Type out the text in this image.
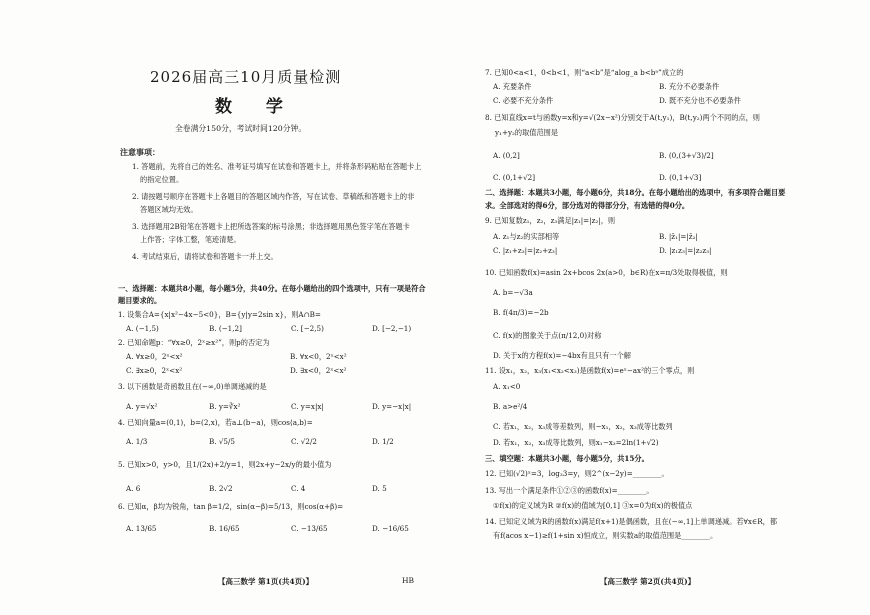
2026届高三10月质量检测
数 学
全卷满分150分，考试时间120分钟。
注意事项：
1. 答题前，先将自己的姓名、准考证号填写在试卷和答题卡上，并将条形码粘贴在答题卡上
的指定位置。
2. 请按题号顺序在答题卡上各题目的答题区域内作答，写在试卷、草稿纸和答题卡上的非
答题区域均无效。
3. 选择题用2B铅笔在答题卡上把所选答案的标号涂黑；非选择题用黑色签字笔在答题卡
上作答；字体工整，笔迹清楚。
4. 考试结束后，请将试卷和答题卡一并上交。
一、选择题：本题共8小题，每小题5分，共40分。在每小题给出的四个选项中，只有一项是符合
题目要求的。
1. 设集合A={x|x²−4x−5<0}，B={y|y=2sin x}，则A∩B=
A. (−1,5)	B. (−1,2]	C. [−2,5)	D. [−2,−1)
2. 已知命题p：“∀x≥0，2ˣ≥x²”，则p的否定为
A. ∀x≥0，2ˣ<x²	B. ∀x<0，2ˣ<x²
C. ∃x≥0，2ˣ<x²	D. ∃x<0，2ˣ<x²
3. 以下函数是奇函数且在(−∞,0)单调递减的是
A. y=√x²	B. y=∛x²	C. y=x|x|	D. y=−x|x|
4. 已知向量a=(0,1)，b=(2,x)，若a⊥(b−a)，则cos⟨a,b⟩=
A. 1/3	B. √5/5	C. √2/2	D. 1/2
5. 已知x>0，y>0，且1/(2x)+2/y=1，则2x+y−2x/y的最小值为
A. 6	B. 2√2	C. 4	D. 5
6. 已知α，β均为锐角，tan β=1/2，sin(α−β)=5/13，则cos(α+β)=
A. 13/65	B. 16/65	C. −13/65	D. −16/65
【高三数学 第1页(共4页)】	HB
7. 已知0<a<1，0<b<1，则“a<b”是“alog_a b<bᵃ”成立的
A. 充要条件	B. 充分不必要条件
C. 必要不充分条件	D. 既不充分也不必要条件
8. 已知直线x=t与函数y=x和y=√(2x−x²)分别交于A(t,y₁)，B(t,y₂)两个不同的点，则
y₁+y₂的取值范围是
A. (0,2]	B. (0,(3+√3)/2]
C. (0,1+√2]	D. (0,1+√3]
二、选择题：本题共3小题，每小题6分，共18分。在每小题给出的选项中，有多项符合题目要
求。全部选对的得6分，部分选对的得部分分，有选错的得0分。
9. 已知复数z₁，z₂，z₃满足|z₁|=|z₂|，则
A. z₁与z₂的实部相等	B. |z̄₁|=|z̄₂|
C. |z₁+z₃|=|z₂+z₃|	D. |z₁z₃|=|z₂z₃|
10. 已知函数f(x)=asin 2x+bcos 2x(a>0，b∈R)在x=π/3处取得极值，则
A. b=−√3a
B. f(4π/3)=−2b
C. f(x)的图象关于点(π/12,0)对称
D. 关于x的方程f(x)=−4bx有且只有一个解
11. 设x₁，x₂，x₃(x₁<x₂<x₃)是函数f(x)=eˣ−ax²的三个零点，则
A. x₁<0
B. a>e²/4
C. 若x₁，x₂，x₃成等差数列，则−x₁，x₂，x₃成等比数列
D. 若x₁，x₂，x₃成等比数列，则x₁−x₃=2ln(1+√2)
三、填空题：本题共3小题，每小题5分，共15分。
12. 已知(√2)ˣ=3，log₃3=y，则2^(x−2y)=________。
13. 写出一个满足条件①②③的函数f(x)=________。
①f(x)的定义域为R ②f(x)的值域为[0,1] ③x=0为f(x)的极值点
14. 已知定义域为R的函数f(x)满足f(x+1)是偶函数，且在(−∞,1]上单调递减。若∀x∈R，都
有f(acos x−1)≥f(1+sin x)恒成立，则实数a的取值范围是________。
【高三数学 第2页(共4页)】
